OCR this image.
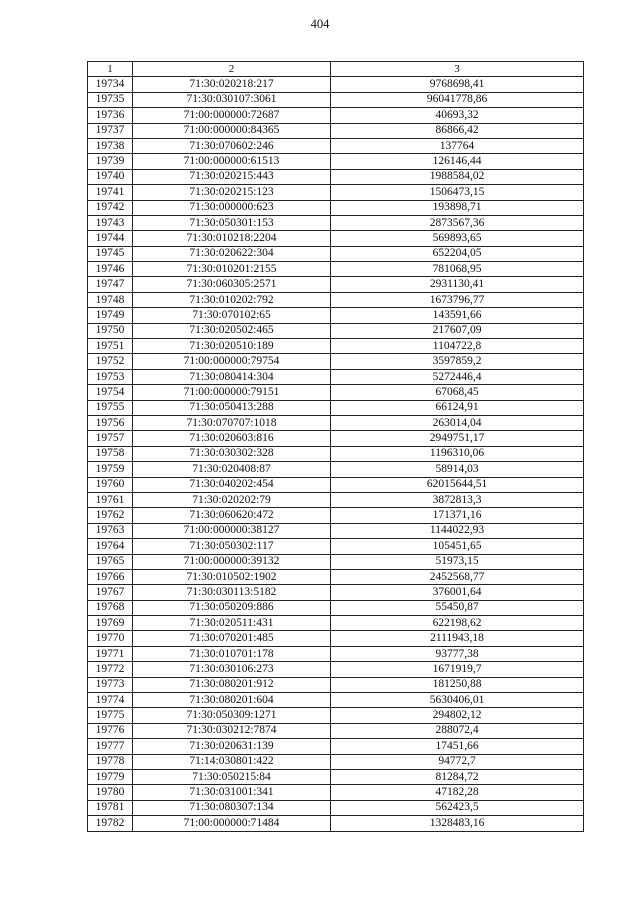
404
1	2	3
19734	71:30:020218:217	9768698,41
19735	71:30:030107:3061	96041778,86
19736	71:00:000000:72687	40693,32
19737	71:00:000000:84365	86866,42
19738	71:30:070602:246	137764
19739	71:00:000000:61513	126146,44
19740	71:30:020215:443	1988584,02
19741	71:30:020215:123	1506473,15
19742	71:30:000000:623	193898,71
19743	71:30:050301:153	2873567,36
19744	71:30:010218:2204	569893,65
19745	71:30:020622:304	652204,05
19746	71:30:010201:2155	781068,95
19747	71:30:060305:2571	2931130,41
19748	71:30:010202:792	1673796,77
19749	71:30:070102:65	143591,66
19750	71:30:020502:465	217607,09
19751	71:30:020510:189	1104722,8
19752	71:00:000000:79754	3597859,2
19753	71:30:080414:304	5272446,4
19754	71:00:000000:79151	67068,45
19755	71:30:050413:288	66124,91
19756	71:30:070707:1018	263014,04
19757	71:30:020603:816	2949751,17
19758	71:30:030302:328	1196310,06
19759	71:30:020408:87	58914,03
19760	71:30:040202:454	62015644,51
19761	71:30:020202:79	3872813,3
19762	71:30:060620:472	171371,16
19763	71:00:000000:38127	1144022,93
19764	71:30:050302:117	105451,65
19765	71:00:000000:39132	51973,15
19766	71:30:010502:1902	2452568,77
19767	71:30:030113:5182	376001,64
19768	71:30:050209:886	55450,87
19769	71:30:020511:431	622198,62
19770	71:30:070201:485	2111943,18
19771	71:30:010701:178	93777,38
19772	71:30:030106:273	1671919,7
19773	71:30:080201:912	181250,88
19774	71:30:080201:604	5630406,01
19775	71:30:050309:1271	294802,12
19776	71:30:030212:7874	288072,4
19777	71:30:020631:139	17451,66
19778	71:14:030801:422	94772,7
19779	71:30:050215:84	81284,72
19780	71:30:031001:341	47182,28
19781	71:30:080307:134	562423,5
19782	71:00:000000:71484	1328483,16
